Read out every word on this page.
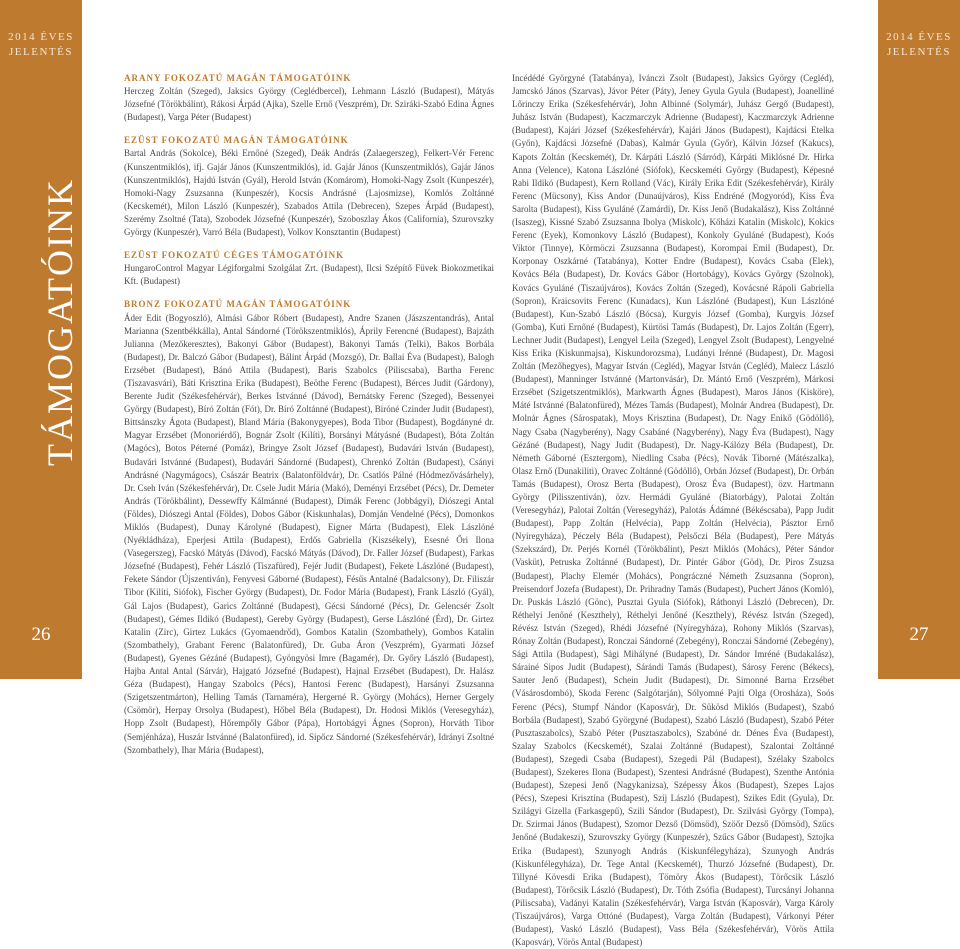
2014 ÉVES
JELENTÉS
TÁMOGATÓINK
26
2014 ÉVES
JELENTÉS
27

ARANY FOKOZATÚ MAGÁN TÁMOGATÓINK

Herczeg Zoltán (Szeged), Jaksics György (Ceglédbercel), Lehmann László (Budapest), Mátyás Józsefné (Törökbálint), Rákosi Árpád (Ajka), Szelle Ernő (Veszprém), Dr. Sziráki-Szabó Edina Ágnes (Budapest), Varga Péter (Budapest)

EZÜST FOKOZATÚ MAGÁN TÁMOGATÓINK

Bartal András (Sokolce), Béki Ernőné (Szeged), Deák András (Zalaegerszeg), Felkert-Vér Ferenc (Kunszentmiklós), ifj. Gajár János (Kunszentmiklós), id. Gajár János (Kunszentmiklós), Gajár János (Kunszentmiklós), Hajdú István (Gyál), Herold István (Komárom), Homoki-Nagy Zsolt (Kunpeszér), Homoki-Nagy Zsuzsanna (Kunpeszér), Kocsis Andrásné (Lajosmizse), Komlós Zoltánné (Kecskemét), Milon László (Kunpeszér), Szabados Attila (Debrecen), Szepes Árpád (Budapest), Szerémy Zsoltné (Tata), Szobodek Józsefné (Kunpeszér), Szoboszlay Ákos (California), Szurovszky György (Kunpeszér), Varró Béla (Budapest), Volkov Konsztantin (Budapest)

EZÜST FOKOZATÚ CÉGES TÁMOGATÓINK

HungaroControl Magyar Légiforgalmi Szolgálat Zrt. (Budapest), Ilcsi Szépítő Füvek Biokozmetikai Kft. (Budapest)

BRONZ FOKOZATÚ MAGÁN TÁMOGATÓINK

Áder Edit (Bogyoszló), Almási Gábor Róbert (Budapest), Andre Szanen (Jászszentandrás), Antal Marianna (Szentbékkálla), Antal Sándorné (Törökszentmiklós), Áprily Ferencné (Budapest), Bajzáth Julianna (Mezőkeresztes), Bakonyi Gábor (Budapest), Bakonyi Tamás (Telki), Bakos Borbála (Budapest), Dr. Balczó Gábor (Budapest), Bálint Árpád (Mozsgó), Dr. Ballai Éva (Budapest), Balogh Erzsébet (Budapest), Bánó Attila (Budapest), Baris Szabolcs (Piliscsaba), Bartha Ferenc (Tiszavasvári), Báti Krisztina Erika (Budapest), Beöthe Ferenc (Budapest), Bérces Judit (Gárdony), Berente Judit (Székesfehérvár), Berkes Istvánné (Dávod), Bernátsky Ferenc (Szeged), Bessenyei György (Budapest), Bíró Zoltán (Fót), Dr. Bíró Zoltánné (Budapest), Biróné Czinder Judit (Budapest), Bittsánszky Ágota (Budapest), Bland Mária (Bakonygyepes), Boda Tibor (Budapest), Bogdányné dr. Magyar Erzsébet (Monoriérdő), Bognár Zsolt (Kilíti), Borsányi Mátyásné (Budapest), Bóta Zoltán (Magócs), Botos Péterné (Pomáz), Bringye Zsolt József (Budapest), Budavári István (Budapest), Budavári Istvánné (Budapest), Budavári Sándorné (Budapest), Chrenkó Zoltán (Budapest), Csányi Andrásné (Nagymágocs), Császár Beatrix (Balatonföldvár), Dr. Csatlós Pálné (Hódmezővásárhely), Dr. Cseh Iván (Székesfehérvár), Dr. Csele Judit Mária (Makó), Deményi Erzsébet (Pécs), Dr. Demeter András (Törökbálint), Dessewffy Kálmánné (Budapest), Dimák Ferenc (Jobbágyi), Diószegi Antal (Földes), Diószegi Antal (Földes), Dobos Gábor (Kiskunhalas), Domján Vendelné (Pécs), Domonkos Miklós (Budapest), Dunay Károlyné (Budapest), Eigner Márta (Budapest), Elek Lászlóné (Nyékládháza), Eperjesi Attila (Budapest), Erdős Gabriella (Kiszsékely), Esesné Őri Ilona (Vasegerszeg), Facskó Mátyás (Dávod), Facskó Mátyás (Dávod), Dr. Faller József (Budapest), Farkas Józsefné (Budapest), Fehér László (Tiszafüred), Fejér Judit (Budapest), Fekete Lászlóné (Budapest), Fekete Sándor (Újszentiván), Fenyvesi Gáborné (Budapest), Fésűs Antalné (Badalcsony), Dr. Filiszár Tibor (Kilíti, Siófok), Fischer György (Budapest), Dr. Fodor Mária (Budapest), Frank László (Gyál), Gál Lajos (Budapest), Garics Zoltánné (Budapest), Gécsi Sándorné (Pécs), Dr. Gelencsér Zsolt (Budapest), Gémes Ildikó (Budapest), Gereby György (Budapest), Gerse Lászlóné (Érd), Dr. Girtez Katalin (Zirc), Girtez Lukács (Gyomaendrőd), Gombos Katalin (Szombathely), Gombos Katalin (Szombathely), Grabant Ferenc (Balatonfüred), Dr. Guba Áron (Veszprém), Gyarmati József (Budapest), Gyenes Gézáné (Budapest), Gyöngyösi Imre (Bagamér), Dr. Győry László (Budapest), Hajba Antal Antal (Sárvár), Hajgató Józsefné (Budapest), Hajnal Erzsébet (Budapest), Dr. Halász Géza (Budapest), Hangay Szabolcs (Pécs), Hantosi Ferenc (Budapest), Harsányi Zsuzsanna (Szigetszentmárton), Helling Tamás (Tarnaméra), Hergerné R. György (Mohács), Herner Gergely (Csömör), Herpay Orsolya (Budapest), Hőbel Béla (Budapest), Dr. Hodosi Miklós (Veresegyház), Hopp Zsolt (Budapest), Hőrempőly Gábor (Pápa), Hortobágyi Ágnes (Sopron), Horváth Tibor (Semjénháza), Huszár Istvánné (Balatonfüred), id. Sipőcz Sándorné (Székesfehérvár), Idrányi Zsoltné (Szombathely), Ihar Mária (Budapest),

Incédédé Györgyné (Tatabánya), Ivánczi Zsolt (Budapest), Jaksics György (Cegléd), Jamcskó János (Szarvas), Jávor Péter (Páty), Jeney Gyula Gyula (Budapest), Joanelliné Lőrinczy Erika (Székesfehérvár), John Albinné (Solymár), Juhász Gergő (Budapest), Juhász István (Budapest), Kaczmarczyk Adrienne (Budapest), Kaczmarczyk Adrienne (Budapest), Kajári József (Székesfehérvár), Kajári János (Budapest), Kajdácsi Etelka (Győn), Kajdácsi Józsefné (Dabas), Kalmár Gyula (Győr), Kálvin József (Kakucs), Kapots Zoltán (Kecskemét), Dr. Kárpáti László (Sárród), Kárpáti Miklósné Dr. Hirka Anna (Velence), Katona Lászlóné (Siófok), Kecskeméti György (Budapest), Képesné Rabi Ildikó (Budapest), Kern Rolland (Vác), Király Erika Edit (Székesfehérvár), Király Ferenc (Mücsony), Kiss Andor (Dunaújváros), Kiss Endréné (Mogyoród), Kiss Éva Sarolta (Budapest), Kiss Gyuláné (Zamárdi), Dr. Kiss Jenő (Budakalász), Kiss Zoltánné (Isaszeg), Kissné Szabó Zsuzsanna Ibolya (Miskolc), Kőházi Katalin (Miskolc), Kokics Ferenc (Eyek), Komonkovy László (Budapest), Konkoly Gyuláné (Budapest), Koós Viktor (Tinnye), Körmöczi Zsuzsanna (Budapest), Korompai Emil (Budapest), Dr. Korponay Oszkárné (Tatabánya), Kotter Endre (Budapest), Kovács Csaba (Elek), Kovács Béla (Budapest), Dr. Kovács Gábor (Hortobágy), Kovács György (Szolnok), Kovács Gyuláné (Tiszaújváros), Kovács Zoltán (Szeged), Kovácsné Rápoli Gabriella (Sopron), Kraicsovits Ferenc (Kunadacs), Kun Lászlóné (Budapest), Kun Lászlóné (Budapest), Kun-Szabó László (Bócsa), Kurgyis József (Gomba), Kurgyis József (Gomba), Kuti Ernőné (Budapest), Kürtösi Tamás (Budapest), Dr. Lajos Zoltán (Egerr), Lechner Judit (Budapest), Lengyel Leila (Szeged), Lengyel Zsolt (Budapest), Lengyelné Kiss Erika (Kiskunmajsa), Kiskundorozsma), Ludányi Irénné (Budapest), Dr. Magosi Zoltán (Mezőhegyes), Magyar István (Cegléd), Magyar István (Cegléd), Malecz László (Budapest), Manninger Istvánné (Martonvásár), Dr. Mántó Ernő (Veszprém), Márkosi Erzsébet (Szigetszentmiklós), Markwarth Ágnes (Budapest), Maros János (Kisköre), Máté Istvánné (Balatonfüred), Mézes Tamás (Budapest), Molnár Andrea (Budapest), Dr. Molnár Ágnes (Sárospatak), Moys Krisztina (Budapest), Dr. Nagy Enikő (Gödöllő), Nagy Csaba (Nagyberény), Nagy Csabáné (Nagyberény), Nagy Éva (Budapest), Nagy Gézáné (Budapest), Nagy Judit (Budapest), Dr. Nagy-Kálózy Béla (Budapest), Dr. Németh Gáborné (Esztergom), Niedling Csaba (Pécs), Novák Tiborné (Mátészalka), Olasz Ernő (Dunakiliti), Oravec Zoltánné (Gödöllő), Orbán József (Budapest), Dr. Orbán Tamás (Budapest), Orosz Berta (Budapest), Orosz Éva (Budapest), özv. Hartmann György (Pilisszentiván), özv. Hermádi Gyuláné (Biatorbágy), Palotai Zoltán (Veresegyház), Palotai Zoltán (Veresegyház), Palotás Ádámné (Békéscsaba), Papp Judit (Budapest), Papp Zoltán (Helvécia), Papp Zoltán (Helvécia), Pásztor Ernő (Nyíregyháza), Péczely Béla (Budapest), Pelsőczi Béla (Budapest), Pere Mátyás (Szekszárd), Dr. Perjés Kornél (Törökbálint), Peszt Miklós (Mohács), Péter Sándor (Vasküt), Petruska Zoltánné (Budapest), Dr. Pintér Gábor (Göd), Dr. Piros Zsuzsa (Budapest), Plachy Elemér (Mohács), Pongráczné Németh Zsuzsanna (Sopron), Preisendorf Jozefa (Budapest), Dr. Prihradny Tamás (Budapest), Puchert János (Komló), Dr. Puskás László (Gönc), Pusztai Gyula (Siófok), Ráthonyi László (Debrecen), Dr. Réthelyi Jenőné (Keszthely), Réthelyi Jenőné (Keszthely), Révész István (Szeged), Révész István (Szeged), Rhédi Józsefné (Nyíregyháza), Rohony Miklós (Szarvas), Rónay Zoltán (Budapest), Ronczai Sándorné (Zebegény), Ronczai Sándorné (Zebegény), Sági Attila (Budapest), Sági Mihályné (Budapest), Dr. Sándor Imréné (Budakalász), Sárainé Sipos Judit (Budapest), Sárándi Tamás (Budapest), Sárosy Ferenc (Békecs), Sauter Jenő (Budapest), Schein Judit (Budapest), Dr. Simonné Barna Erzsébet (Vásárosdombó), Skoda Ferenc (Salgótarján), Sólyomné Pajti Olga (Orosháza), Soós Ferenc (Pécs), Stumpf Nándor (Kaposvár), Dr. Sükösd Miklós (Budapest), Szabó Borbála (Budapest), Szabó Györgyné (Budapest), Szabó László (Budapest), Szabó Péter (Pusztaszabolcs), Szabó Péter (Pusztaszabolcs), Szabóné dr. Dénes Éva (Budapest), Szalay Szabolcs (Kecskemét), Szalai Zoltánné (Budapest), Szalontai Zoltánné (Budapest), Szegedi Csaba (Budapest), Szegedi Pál (Budapest), Szélaky Szabolcs (Budapest), Szekeres Ilona (Budapest), Szentesi Andrásné (Budapest), Szenthe Antónia (Budapest), Szepesi Jenő (Nagykanizsa), Szépessy Ákos (Budapest), Szepes Lajos (Pécs), Szepesi Krisztina (Budapest), Szíj László (Budapest), Szikes Edit (Gyula), Dr. Szilágyi Gizella (Farkasgepű), Szili Sándor (Budapest), Dr. Szilvási György (Tompa), Dr. Szirmai János (Budapest), Szomor Dezső (Dömsöd), Szöőr Dezső (Dömsöd), Szűcs Jenőné (Budakeszi), Szurovszky György (Kunpeszér), Szűcs Gábor (Budapest), Sztojka Erika (Budapest), Szunyogh András (Kiskunfélegyháza), Szunyogh András (Kiskunfélegyháza), Dr. Tege Antal (Kecskemét), Thurzó Józsefné (Budapest), Dr. Tillyné Kövesdi Erika (Budapest), Tömöry Ákos (Budapest), Törőcsik László (Budapest), Törőcsik László (Budapest), Dr. Tóth Zsófia (Budapest), Turcsányi Johanna (Piliscsaba), Vadányi Katalin (Székesfehérvár), Varga István (Kaposvár), Varga Károly (Tiszaújváros), Varga Ottóné (Budapest), Varga Zoltán (Budapest), Várkonyi Péter (Budapest), Vaskó László (Budapest), Vass Béla (Székesfehérvár), Vörös Attila (Kaposvár), Vörös Antal (Budapest)
